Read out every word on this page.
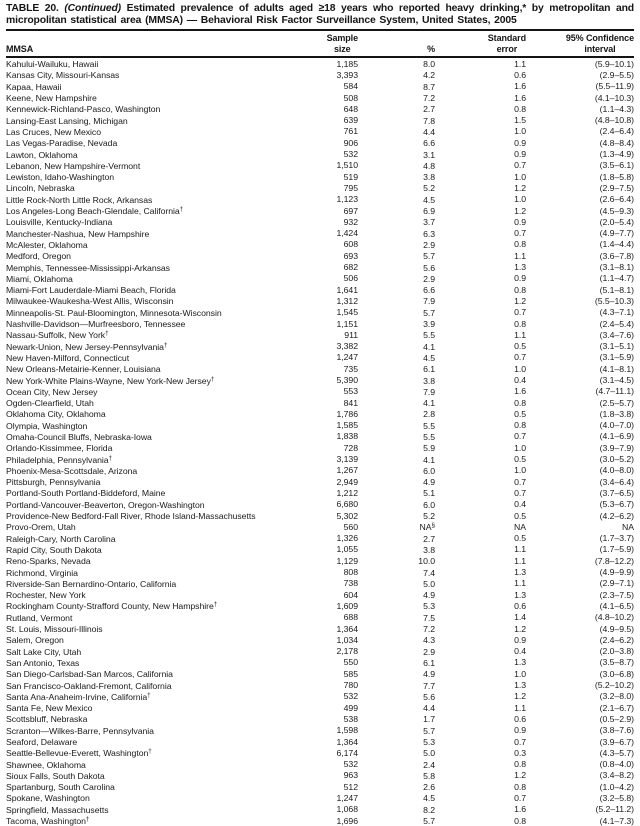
TABLE 20. (Continued) Estimated prevalence of adults aged ≥18 years who reported heavy drinking,* by metropolitan and micropolitan statistical area (MMSA) — Behavioral Risk Factor Surveillance System, United States, 2005

MMSA	Sample
size	%	Standard
error	95% Confidence
interval
Kahului-Wailuku, Hawaii	1,185	8.0	1.1	(5.9–10.1)
Kansas City, Missouri-Kansas	3,393	4.2	0.6	(2.9–5.5)
Kapaa, Hawaii	584	8.7	1.6	(5.5–11.9)
Keene, New Hampshire	508	7.2	1.6	(4.1–10.3)
Kennewick-Richland-Pasco, Washington	648	2.7	0.8	(1.1–4.3)
Lansing-East Lansing, Michigan	639	7.8	1.5	(4.8–10.8)
Las Cruces, New Mexico	761	4.4	1.0	(2.4–6.4)
Las Vegas-Paradise, Nevada	906	6.6	0.9	(4.8–8.4)
Lawton, Oklahoma	532	3.1	0.9	(1.3–4.9)
Lebanon, New Hampshire-Vermont	1,510	4.8	0.7	(3.5–6.1)
Lewiston, Idaho-Washington	519	3.8	1.0	(1.8–5.8)
Lincoln, Nebraska	795	5.2	1.2	(2.9–7.5)
Little Rock-North Little Rock, Arkansas	1,123	4.5	1.0	(2.6–6.4)
Los Angeles-Long Beach-Glendale, California†	697	6.9	1.2	(4.5–9.3)
Louisville, Kentucky-Indiana	932	3.7	0.9	(2.0–5.4)
Manchester-Nashua, New Hampshire	1,424	6.3	0.7	(4.9–7.7)
McAlester, Oklahoma	608	2.9	0.8	(1.4–4.4)
Medford, Oregon	693	5.7	1.1	(3.6–7.8)
Memphis, Tennessee-Mississippi-Arkansas	682	5.6	1.3	(3.1–8.1)
Miami, Oklahoma	506	2.9	0.9	(1.1–4.7)
Miami-Fort Lauderdale-Miami Beach, Florida	1,641	6.6	0.8	(5.1–8.1)
Milwaukee-Waukesha-West Allis, Wisconsin	1,312	7.9	1.2	(5.5–10.3)
Minneapolis-St. Paul-Bloomington, Minnesota-Wisconsin	1,545	5.7	0.7	(4.3–7.1)
Nashville-Davidson—Murfreesboro, Tennessee	1,151	3.9	0.8	(2.4–5.4)
Nassau-Suffolk, New York†	911	5.5	1.1	(3.4–7.6)
Newark-Union, New Jersey-Pennsylvania†	3,382	4.1	0.5	(3.1–5.1)
New Haven-Milford, Connecticut	1,247	4.5	0.7	(3.1–5.9)
New Orleans-Metairie-Kenner, Louisiana	735	6.1	1.0	(4.1–8.1)
New York-White Plains-Wayne, New York-New Jersey†	5,390	3.8	0.4	(3.1–4.5)
Ocean City, New Jersey	553	7.9	1.6	(4.7–11.1)
Ogden-Clearfield, Utah	841	4.1	0.8	(2.5–5.7)
Oklahoma City, Oklahoma	1,786	2.8	0.5	(1.8–3.8)
Olympia, Washington	1,585	5.5	0.8	(4.0–7.0)
Omaha-Council Bluffs, Nebraska-Iowa	1,838	5.5	0.7	(4.1–6.9)
Orlando-Kissimmee, Florida	728	5.9	1.0	(3.9–7.9)
Philadelphia, Pennsylvania†	3,139	4.1	0.5	(3.0–5.2)
Phoenix-Mesa-Scottsdale, Arizona	1,267	6.0	1.0	(4.0–8.0)
Pittsburgh, Pennsylvania	2,949	4.9	0.7	(3.4–6.4)
Portland-South Portland-Biddeford, Maine	1,212	5.1	0.7	(3.7–6.5)
Portland-Vancouver-Beaverton, Oregon-Washington	6,680	6.0	0.4	(5.3–6.7)
Providence-New Bedford-Fall River, Rhode Island-Massachusetts	5,302	5.2	0.5	(4.2–6.2)
Provo-Orem, Utah	560	NA§	NA	NA
Raleigh-Cary, North Carolina	1,326	2.7	0.5	(1.7–3.7)
Rapid City, South Dakota	1,055	3.8	1.1	(1.7–5.9)
Reno-Sparks, Nevada	1,129	10.0	1.1	(7.8–12.2)
Richmond, Virginia	808	7.4	1.3	(4.9–9.9)
Riverside-San Bernardino-Ontario, California	738	5.0	1.1	(2.9–7.1)
Rochester, New York	604	4.9	1.3	(2.3–7.5)
Rockingham County-Strafford County, New Hampshire†	1,609	5.3	0.6	(4.1–6.5)
Rutland, Vermont	688	7.5	1.4	(4.8–10.2)
St. Louis, Missouri-Illinois	1,364	7.2	1.2	(4.9–9.5)
Salem, Oregon	1,034	4.3	0.9	(2.4–6.2)
Salt Lake City, Utah	2,178	2.9	0.4	(2.0–3.8)
San Antonio, Texas	550	6.1	1.3	(3.5–8.7)
San Diego-Carlsbad-San Marcos, California	585	4.9	1.0	(3.0–6.8)
San Francisco-Oakland-Fremont, California	780	7.7	1.3	(5.2–10.2)
Santa Ana-Anaheim-Irvine, California†	532	5.6	1.2	(3.2–8.0)
Santa Fe, New Mexico	499	4.4	1.1	(2.1–6.7)
Scottsbluff, Nebraska	538	1.7	0.6	(0.5–2.9)
Scranton—Wilkes-Barre, Pennsylvania	1,598	5.7	0.9	(3.8–7.6)
Seaford, Delaware	1,364	5.3	0.7	(3.9–6.7)
Seattle-Bellevue-Everett, Washington†	6,174	5.0	0.3	(4.3–5.7)
Shawnee, Oklahoma	532	2.4	0.8	(0.8–4.0)
Sioux Falls, South Dakota	963	5.8	1.2	(3.4–8.2)
Spartanburg, South Carolina	512	2.6	0.8	(1.0–4.2)
Spokane, Washington	1,247	4.5	0.7	(3.2–5.8)
Springfield, Massachusetts	1,068	8.2	1.6	(5.2–11.2)
Tacoma, Washington†	1,696	5.7	0.8	(4.1–7.3)
